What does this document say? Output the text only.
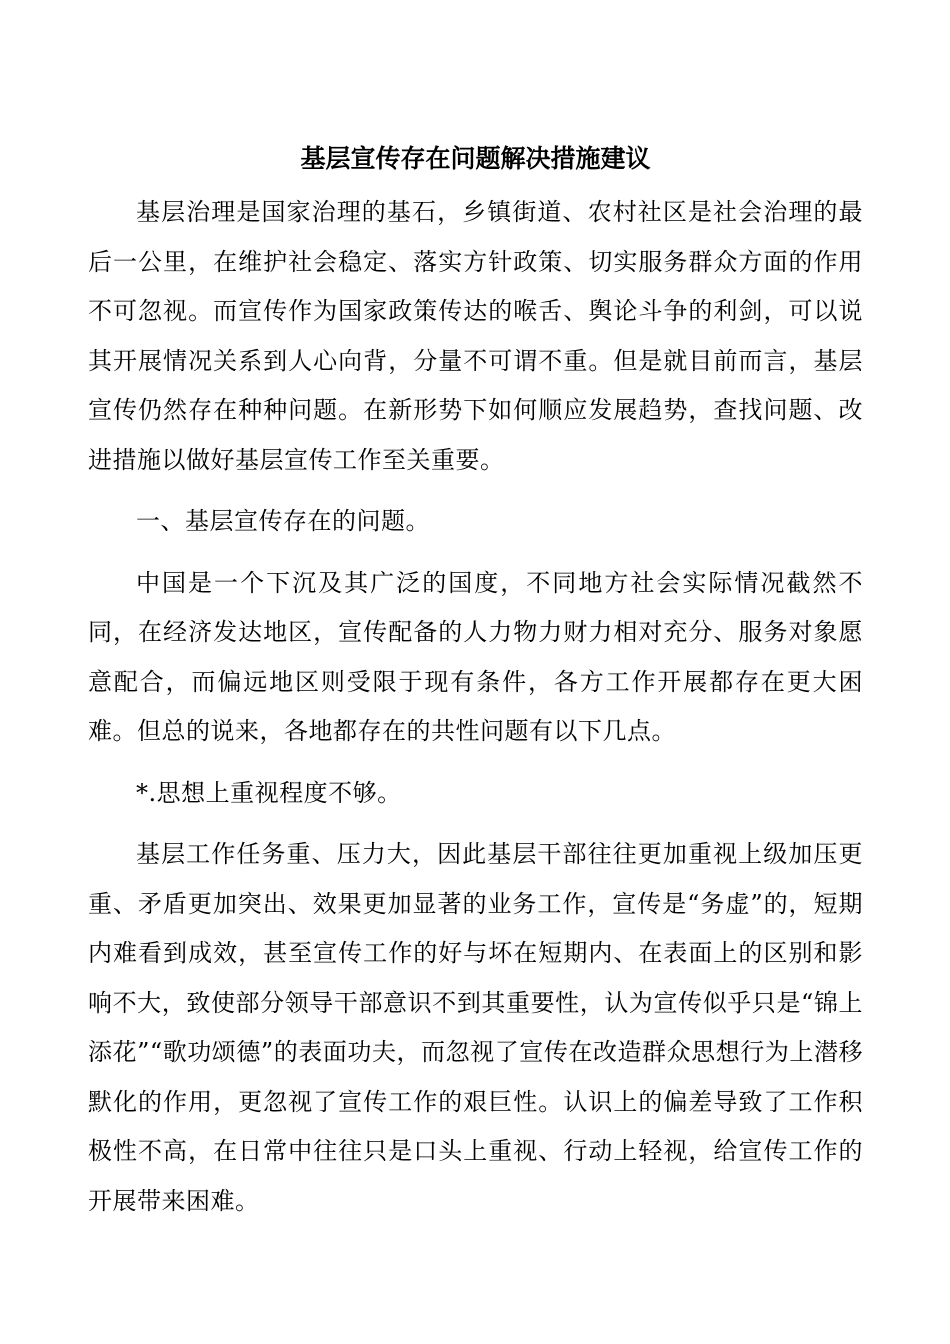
基层宣传存在问题解决措施建议

基层治理是国家治理的基石，乡镇街道、农村社区是社会治理的最后一公里，在维护社会稳定、落实方针政策、切实服务群众方面的作用不可忽视。而宣传作为国家政策传达的喉舌、舆论斗争的利剑，可以说其开展情况关系到人心向背，分量不可谓不重。但是就目前而言，基层宣传仍然存在种种问题。在新形势下如何顺应发展趋势，查找问题、改进措施以做好基层宣传工作至关重要。

一、基层宣传存在的问题。

中国是一个下沉及其广泛的国度，不同地方社会实际情况截然不同，在经济发达地区，宣传配备的人力物力财力相对充分、服务对象愿意配合，而偏远地区则受限于现有条件，各方工作开展都存在更大困难。但总的说来，各地都存在的共性问题有以下几点。

*.思想上重视程度不够。

基层工作任务重、压力大，因此基层干部往往更加重视上级加压更重、矛盾更加突出、效果更加显著的业务工作，宣传是“务虚”的，短期内难看到成效，甚至宣传工作的好与坏在短期内、在表面上的区别和影响不大，致使部分领导干部意识不到其重要性，认为宣传似乎只是“锦上添花”“歌功颂德”的表面功夫，而忽视了宣传在改造群众思想行为上潜移默化的作用，更忽视了宣传工作的艰巨性。认识上的偏差导致了工作积极性不高，在日常中往往只是口头上重视、行动上轻视，给宣传工作的开展带来困难。
